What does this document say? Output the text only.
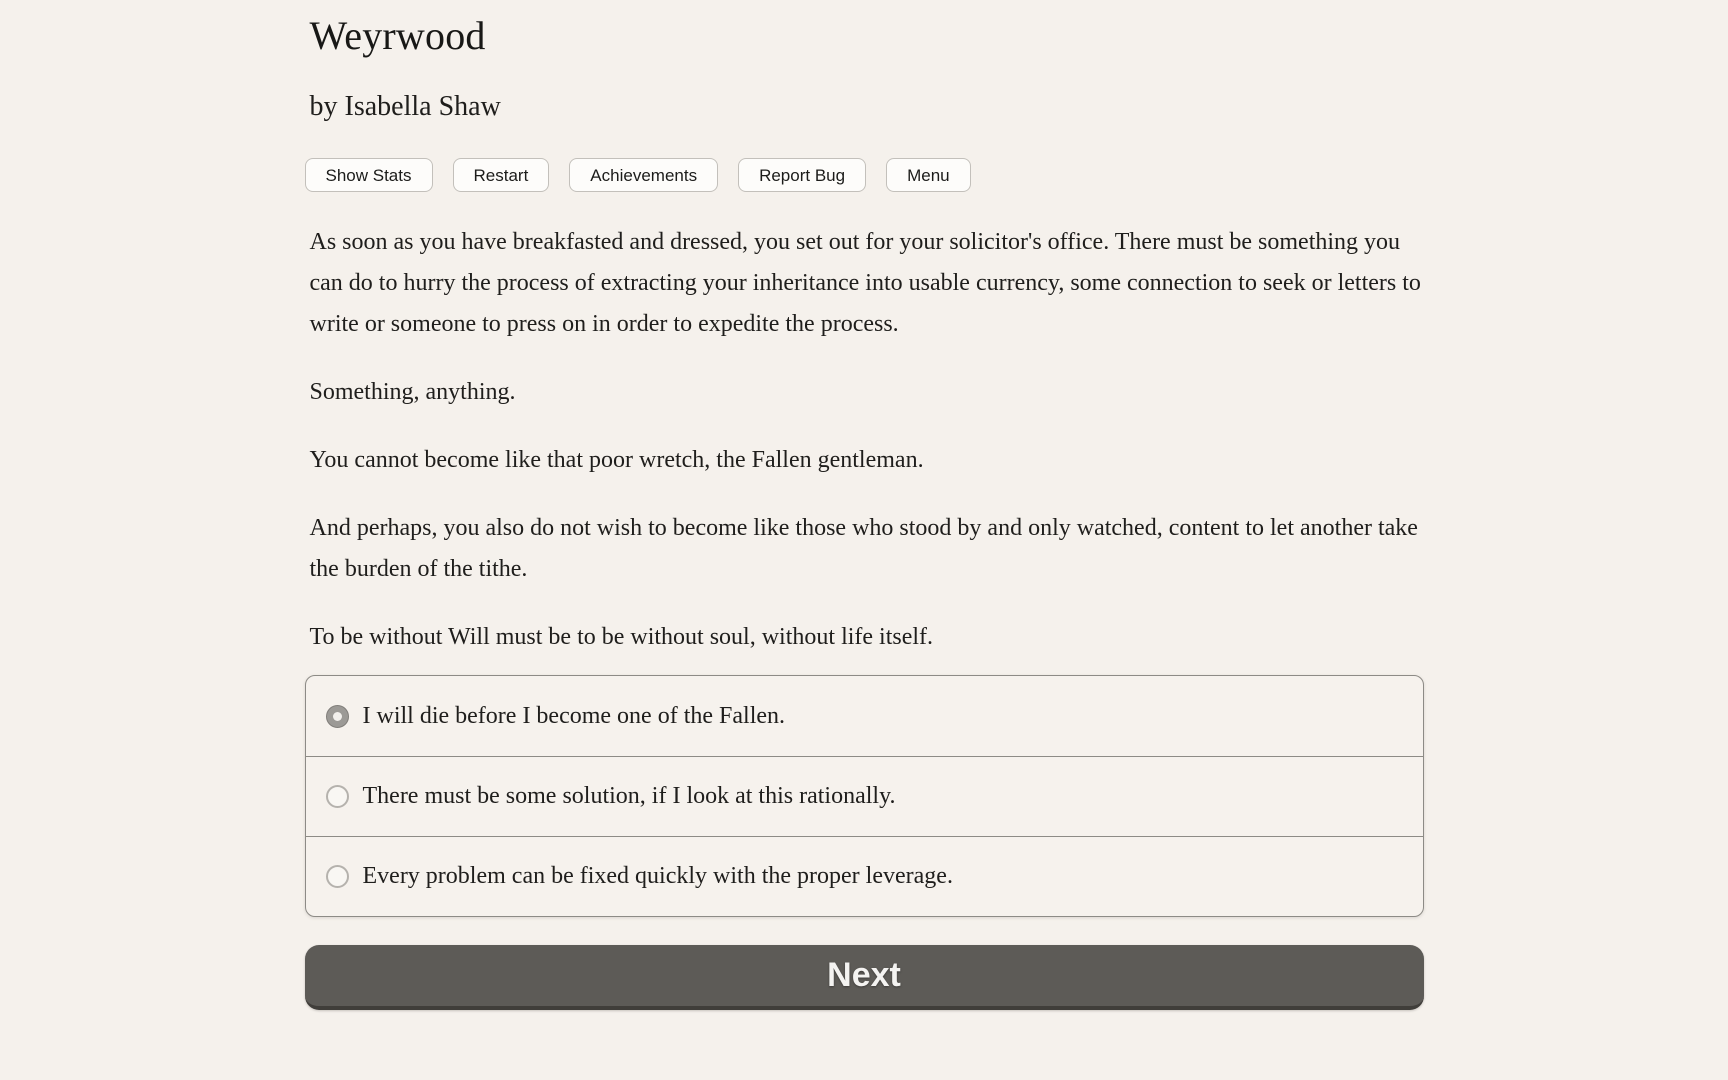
Weyrwood
by Isabella Shaw
Show Stats	Restart	Achievements	Report Bug	Menu

As soon as you have breakfasted and dressed, you set out for your solicitor's office. There must be something you can do to hurry the process of extracting your inheritance into usable currency, some connection to seek or letters to write or someone to press on in order to expedite the process.

Something, anything.

You cannot become like that poor wretch, the Fallen gentleman.

And perhaps, you also do not wish to become like those who stood by and only watched, content to let another take the burden of the tithe.

To be without Will must be to be without soul, without life itself.

I will die before I become one of the Fallen.
There must be some solution, if I look at this rationally.
Every problem can be fixed quickly with the proper leverage.
Next
